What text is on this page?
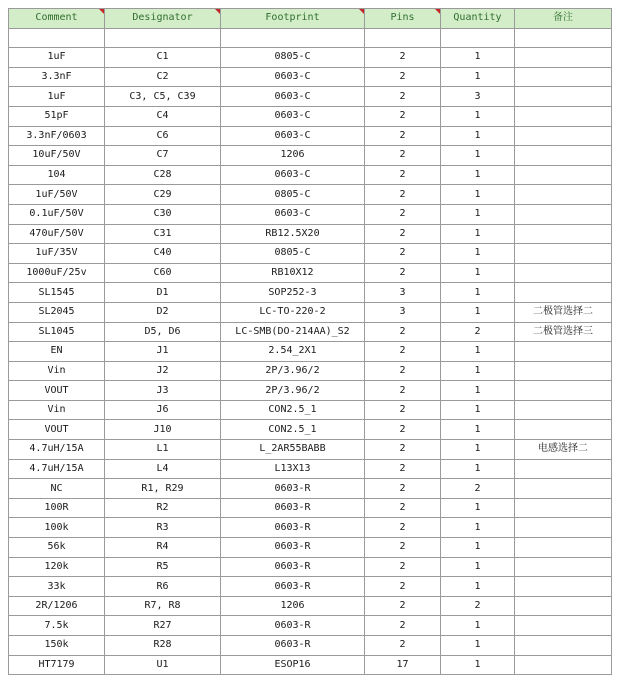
Comment	Designator	Footprint	Pins	Quantity	备注

1uF	C1	0805-C	2	1	
3.3nF	C2	0603-C	2	1	
1uF	C3, C5, C39	0603-C	2	3	
51pF	C4	0603-C	2	1	
3.3nF/0603	C6	0603-C	2	1	
10uF/50V	C7	1206	2	1	
104	C28	0603-C	2	1	
1uF/50V	C29	0805-C	2	1	
0.1uF/50V	C30	0603-C	2	1	
470uF/50V	C31	RB12.5X20	2	1	
1uF/35V	C40	0805-C	2	1	
1000uF/25v	C60	RB10X12	2	1	
SL1545	D1	SOP252-3	3	1	
SL2045	D2	LC-TO-220-2	3	1	二极管选择二
SL1045	D5, D6	LC-SMB(DO-214AA)_S2	2	2	二极管选择三
EN	J1	2.54_2X1	2	1	
Vin	J2	2P/3.96/2	2	1	
VOUT	J3	2P/3.96/2	2	1	
Vin	J6	CON2.5_1	2	1	
VOUT	J10	CON2.5_1	2	1	
4.7uH/15A	L1	L_2AR55BABB	2	1	电感选择二
4.7uH/15A	L4	L13X13	2	1	
NC	R1, R29	0603-R	2	2	
100R	R2	0603-R	2	1	
100k	R3	0603-R	2	1	
56k	R4	0603-R	2	1	
120k	R5	0603-R	2	1	
33k	R6	0603-R	2	1	
2R/1206	R7, R8	1206	2	2	
7.5k	R27	0603-R	2	1	
150k	R28	0603-R	2	1	
HT7179	U1	ESOP16	17	1	
